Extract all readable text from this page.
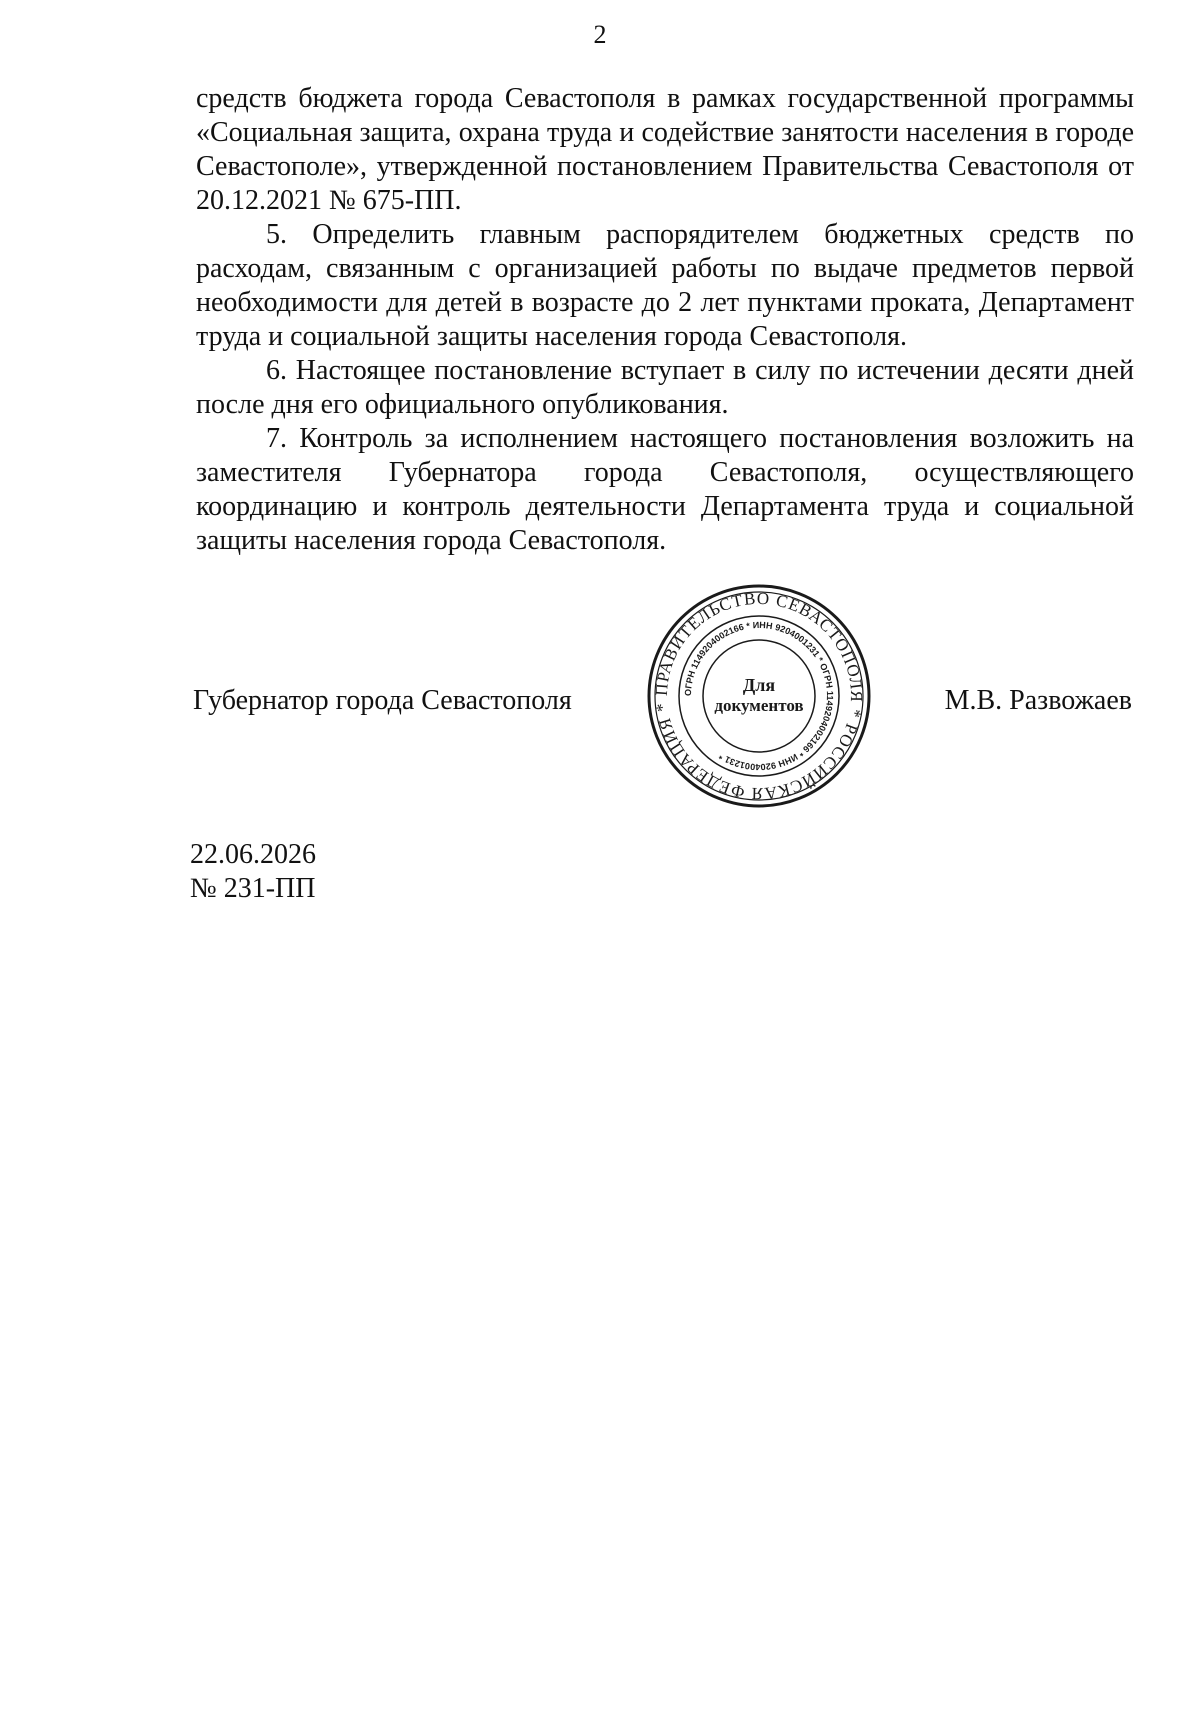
2

средств бюджета города Севастополя в рамках государственной программы «Социальная защита, охрана труда и содействие занятости населения в городе Севастополе», утвержденной постановлением Правительства Севастополя от 20.12.2021 № 675-ПП.

5. Определить главным распорядителем бюджетных средств по расходам, связанным с организацией работы по выдаче предметов первой необходимости для детей в возрасте до 2 лет пунктами проката, Департамент труда и социальной защиты населения города Севастополя.

6. Настоящее постановление вступает в силу по истечении десяти дней после дня его официального опубликования.

7. Контроль за исполнением настоящего постановления возложить на заместителя Губернатора города Севастополя, осуществляющего координацию и контроль деятельности Департамента труда и социальной защиты населения города Севастополя.

Губернатор города Севастополя	ПРАВИТЕЛЬСТВО СЕВАСТОПОЛЯ * РОССИЙСКАЯ ФЕДЕРАЦИЯ *
ОГРН 1149204002166 * ИНН 9204001231 * ОГРН 1149204002166 * ИНН 9204001231 *
Для
документов	М.В. Развожаев
22.06.2026
№ 231-ПП
